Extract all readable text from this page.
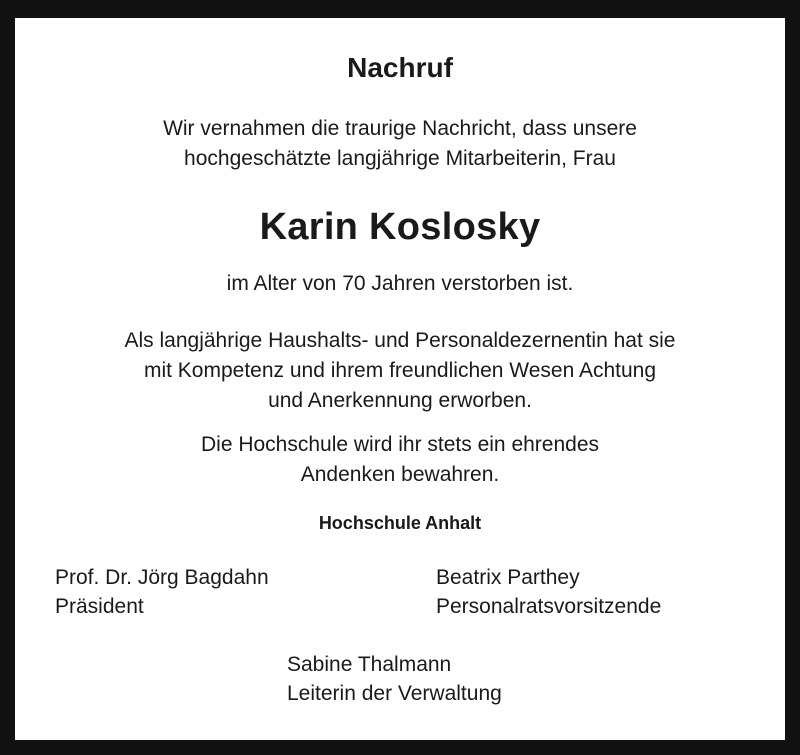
Nachruf
Wir vernahmen die traurige Nachricht, dass unsere
hochgeschätzte langjährige Mitarbeiterin, Frau
Karin Koslosky
im Alter von 70 Jahren verstorben ist.
Als langjährige Haushalts- und Personaldezernentin hat sie
mit Kompetenz und ihrem freundlichen Wesen Achtung
und Anerkennung erworben.
Die Hochschule wird ihr stets ein ehrendes
Andenken bewahren.
Hochschule Anhalt
Prof. Dr. Jörg Bagdahn
Präsident
Beatrix Parthey
Personalratsvorsitzende
Sabine Thalmann
Leiterin der Verwaltung
